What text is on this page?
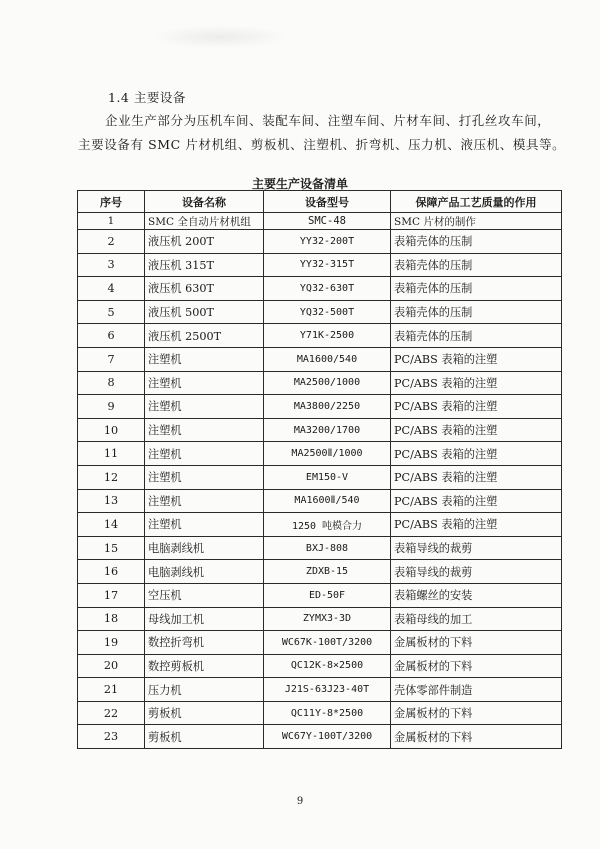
1.4 主要设备
企业生产部分为压机车间、装配车间、注塑车间、片材车间、打孔丝攻车间，
主要设备有 SMC 片材机组、剪板机、注塑机、折弯机、压力机、液压机、模具等。
主要生产设备清单
序号	设备名称	设备型号	保障产品工艺质量的作用
1	SMC 全自动片材机组	SMC-48	SMC 片材的制作
2	液压机 200T	YY32-200T	表箱壳体的压制
3	液压机 315T	YY32-315T	表箱壳体的压制
4	液压机 630T	YQ32-630T	表箱壳体的压制
5	液压机 500T	YQ32-500T	表箱壳体的压制
6	液压机 2500T	Y71K-2500	表箱壳体的压制
7	注塑机	MA1600/540	PC/ABS 表箱的注塑
8	注塑机	MA2500/1000	PC/ABS 表箱的注塑
9	注塑机	MA3800/2250	PC/ABS 表箱的注塑
10	注塑机	MA3200/1700	PC/ABS 表箱的注塑
11	注塑机	MA2500Ⅱ/1000	PC/ABS 表箱的注塑
12	注塑机	EM150-V	PC/ABS 表箱的注塑
13	注塑机	MA1600Ⅱ/540	PC/ABS 表箱的注塑
14	注塑机	1250 吨模合力	PC/ABS 表箱的注塑
15	电脑剥线机	BXJ-808	表箱导线的裁剪
16	电脑剥线机	ZDXB-15	表箱导线的裁剪
17	空压机	ED-50F	表箱螺丝的安装
18	母线加工机	ZYMX3-3D	表箱母线的加工
19	数控折弯机	WC67K-100T/3200	金属板材的下料
20	数控剪板机	QC12K-8×2500	金属板材的下料
21	压力机	J21S-63J23-40T	壳体零部件制造
22	剪板机	QC11Y-8*2500	金属板材的下料
23	剪板机	WC67Y-100T/3200	金属板材的下料
9
